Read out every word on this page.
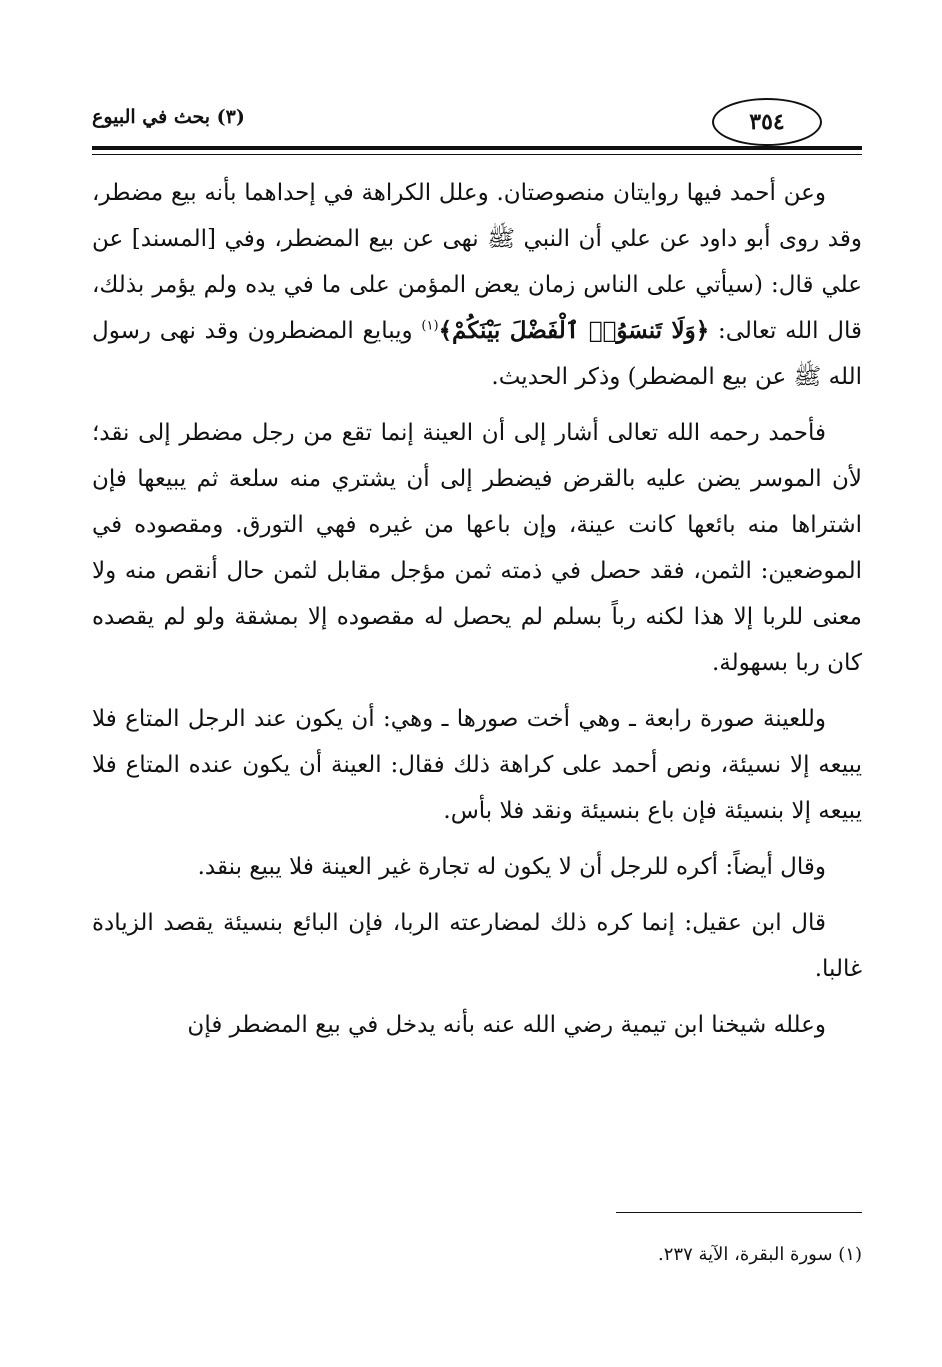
٣٥٤
(٣) بحث في البيوع

وعن أحمد فيها روايتان منصوصتان. وعلل الكراهة في إحداهما بأنه بيع مضطر، وقد روى أبو داود عن علي أن النبي ﷺ نهى عن بيع المضطر، وفي [المسند] عن علي قال: (سيأتي على الناس زمان يعض المؤمن على ما في يده ولم يؤمر بذلك، قال الله تعالى: ﴿وَلَا تَنسَوُا۟ ٱلْفَضْلَ بَيْنَكُمْ﴾$^{(١)}$ ويبايع المضطرون وقد نهى رسول الله ﷺ عن بيع المضطر) وذكر الحديث.

فأحمد رحمه الله تعالى أشار إلى أن العينة إنما تقع من رجل مضطر إلى نقد؛ لأن الموسر يضن عليه بالقرض فيضطر إلى أن يشتري منه سلعة ثم يبيعها فإن اشتراها منه بائعها كانت عينة، وإن باعها من غيره فهي التورق. ومقصوده في الموضعين: الثمن، فقد حصل في ذمته ثمن مؤجل مقابل لثمن حال أنقص منه ولا معنى للربا إلا هذا لكنه رباً بسلم لم يحصل له مقصوده إلا بمشقة ولو لم يقصده كان ربا بسهولة.

وللعينة صورة رابعة ـ وهي أخت صورها ـ وهي: أن يكون عند الرجل المتاع فلا يبيعه إلا نسيئة، ونص أحمد على كراهة ذلك فقال: العينة أن يكون عنده المتاع فلا يبيعه إلا بنسيئة فإن باع بنسيئة ونقد فلا بأس.

وقال أيضاً: أكره للرجل أن لا يكون له تجارة غير العينة فلا يبيع بنقد.

قال ابن عقيل: إنما كره ذلك لمضارعته الربا، فإن البائع بنسيئة يقصد الزيادة غالبا.

وعلله شيخنا ابن تيمية رضي الله عنه بأنه يدخل في بيع المضطر فإن

(١) سورة البقرة، الآية ٢٣٧.
